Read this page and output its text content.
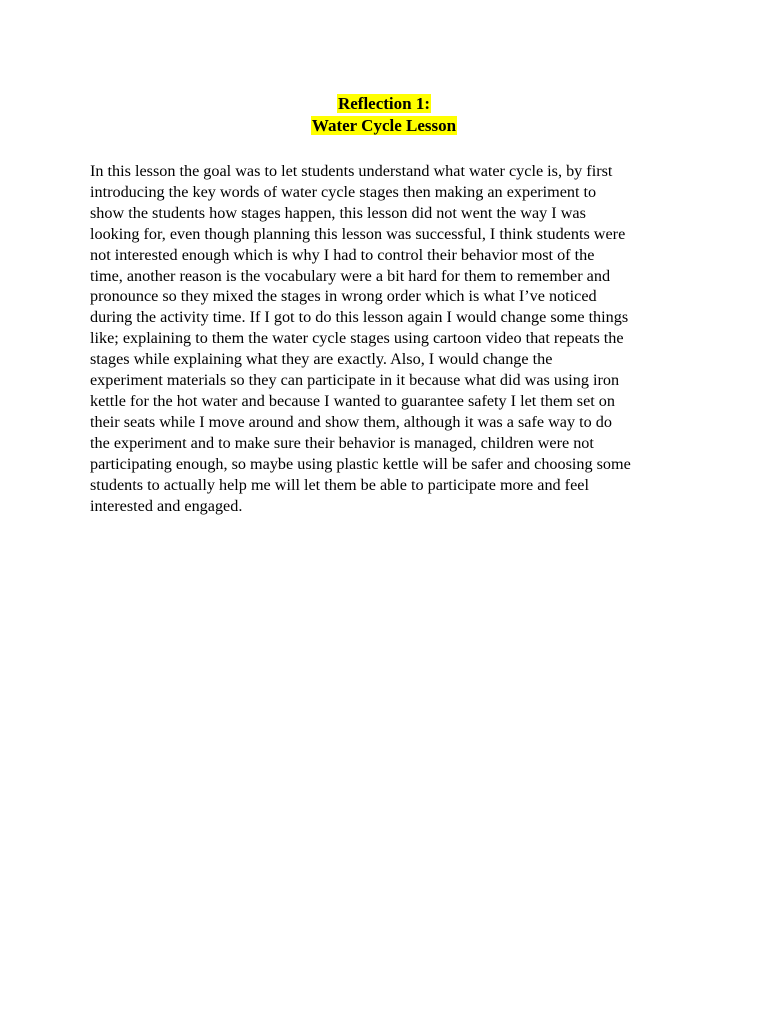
Reflection 1:
Water Cycle Lesson

In this lesson the goal was to let students understand what water cycle is, by first
introducing the key words of water cycle stages then making an experiment to
show the students how stages happen, this lesson did not went the way I was
looking for, even though planning this lesson was successful, I think students were
not interested enough which is why I had to control their behavior most of the
time, another reason is the vocabulary were a bit hard for them to remember and
pronounce so they mixed the stages in wrong order which is what I’ve noticed
during the activity time. If I got to do this lesson again I would change some things
like; explaining to them the water cycle stages using cartoon video that repeats the
stages while explaining what they are exactly. Also, I would change the
experiment materials so they can participate in it because what did was using iron
kettle for the hot water and because I wanted to guarantee safety I let them set on
their seats while I move around and show them, although it was a safe way to do
the experiment and to make sure their behavior is managed, children were not
participating enough, so maybe using plastic kettle will be safer and choosing some
students to actually help me will let them be able to participate more and feel
interested and engaged.
